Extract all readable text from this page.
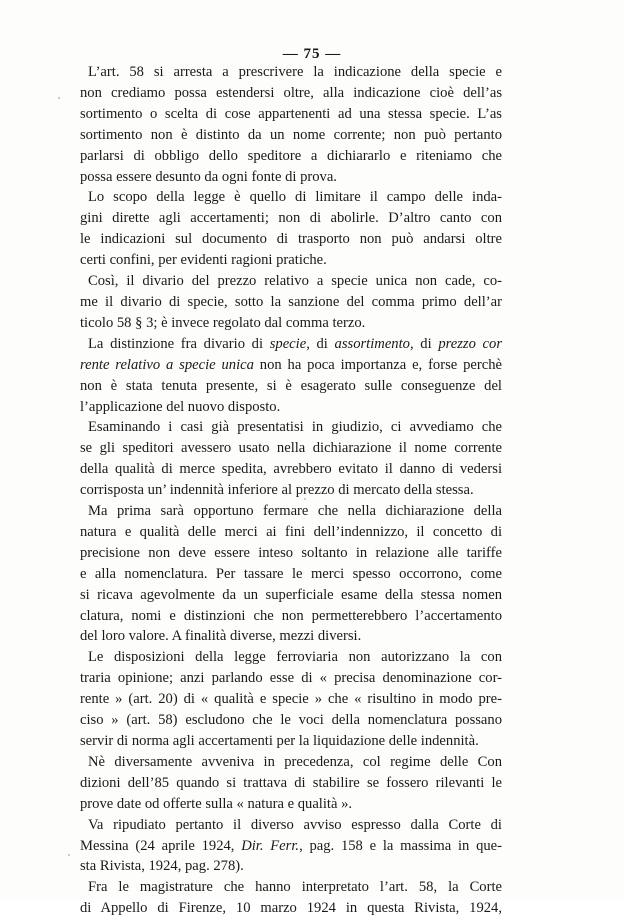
— 75 —

L’art. 58 si arresta a prescrivere la indicazione della specie e
non crediamo possa estendersi oltre, alla indicazione cioè dell’as
sortimento o scelta di cose appartenenti ad una stessa specie. L’as
sortimento non è distinto da un nome corrente; non può pertanto
parlarsi di obbligo dello speditore a dichiararlo e riteniamo che
possa essere desunto da ogni fonte di prova.

Lo scopo della legge è quello di limitare il campo delle inda-
gini dirette agli accertamenti; non di abolirle. D’altro canto con
le indicazioni sul documento di trasporto non può andarsi oltre
certi confini, per evidenti ragioni pratiche.

Così, il divario del prezzo relativo a specie unica non cade, co-
me il divario di specie, sotto la sanzione del comma primo dell’ar
ticolo 58 § 3; è invece regolato dal comma terzo.

La distinzione fra divario di specie, di assortimento, di prezzo cor
rente relativo a specie unica non ha poca importanza e, forse perchè
non è stata tenuta presente, si è esagerato sulle conseguenze del
l’applicazione del nuovo disposto.

Esaminando i casi già presentatisi in giudizio, ci avvediamo che
se gli speditori avessero usato nella dichiarazione il nome corrente
della qualità di merce spedita, avrebbero evitato il danno di vedersi
corrisposta un’ indennità inferiore al prezzo di mercato della stessa.

Ma prima sarà opportuno fermare che nella dichiarazione della
natura e qualità delle merci ai fini dell’indennizzo, il concetto di
precisione non deve essere inteso soltanto in relazione alle tariffe
e alla nomenclatura. Per tassare le merci spesso occorrono, come
si ricava agevolmente da un superficiale esame della stessa nomen
clatura, nomi e distinzioni che non permetterebbero l’accertamento
del loro valore. A finalità diverse, mezzi diversi.

Le disposizioni della legge ferroviaria non autorizzano la con
traria opinione; anzi parlando esse di « precisa denominazione cor-
rente » (art. 20) di « qualità e specie » che « risultino in modo pre-
ciso » (art. 58) escludono che le voci della nomenclatura possano
servir di norma agli accertamenti per la liquidazione delle indennità.

Nè diversamente avveniva in precedenza, col regime delle Con
dizioni dell’85 quando si trattava di stabilire se fossero rilevanti le
prove date od offerte sulla « natura e qualità ».

Va ripudiato pertanto il diverso avviso espresso dalla Corte di
Messina (24 aprile 1924, Dir. Ferr., pag. 158 e la massima in que-
sta Rivista, 1924, pag. 278).

Fra le magistrature che hanno interpretato l’art. 58, la Corte
di Appello di Firenze, 10 marzo 1924 in questa Rivista, 1924,
